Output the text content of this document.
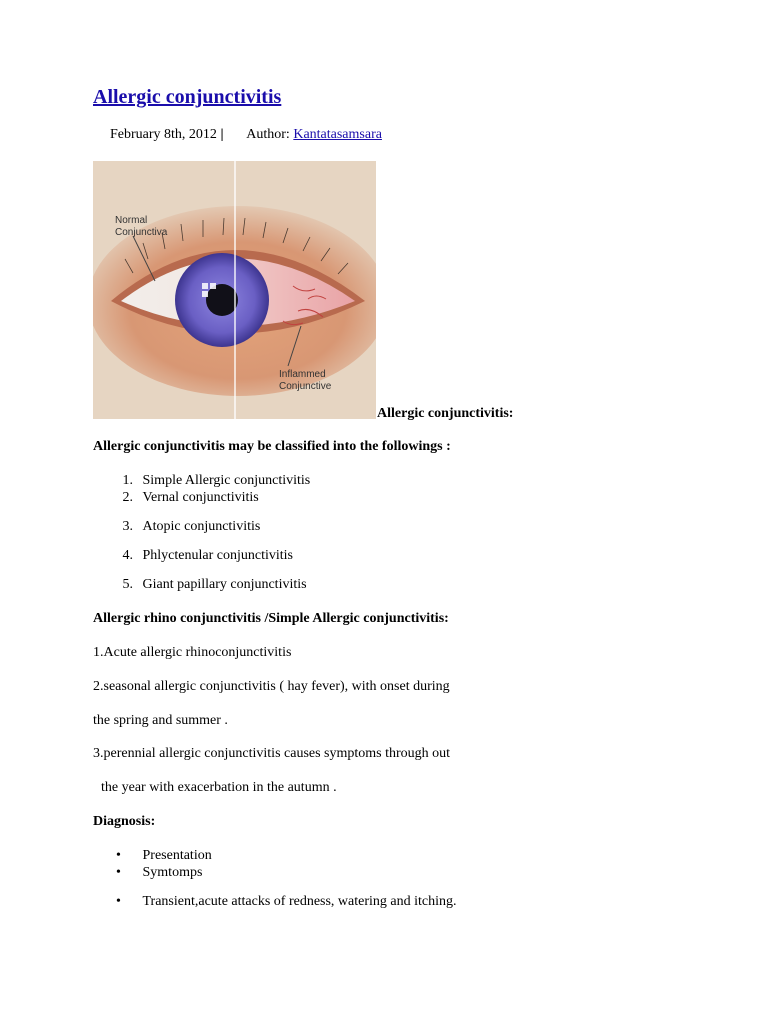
Allergic conjunctivitis
February 8th, 2012 | Author: Kantatasamsara
Normal
Conjunctiva
Inflammed
Conjunctive
Allergic conjunctivitis:
Allergic conjunctivitis may be classified into the followings :
1. Simple Allergic conjunctivitis
2. Vernal conjunctivitis
3. Atopic conjunctivitis
4. Phlyctenular conjunctivitis
5. Giant papillary conjunctivitis
Allergic rhino conjunctivitis /Simple Allergic conjunctivitis:
1.Acute allergic rhinoconjunctivitis
2.seasonal allergic conjunctivitis ( hay fever), with onset during
the spring and summer .
3.perennial allergic conjunctivitis causes symptoms through out
the year with exacerbation in the autumn .
Diagnosis:
• Presentation
• Symtomps
• Transient,acute attacks of redness, watering and itching.
